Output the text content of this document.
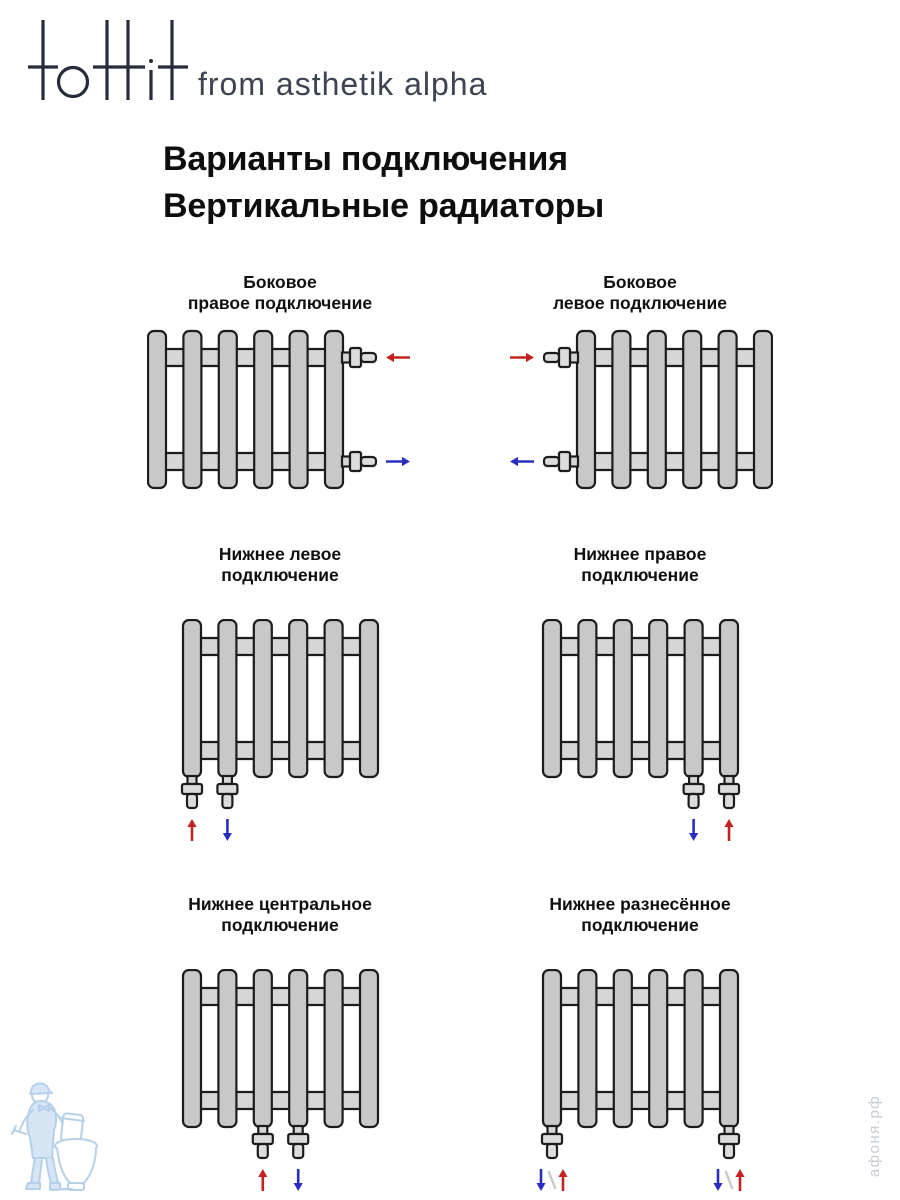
from asthetik alpha
Варианты подключения
Вертикальные радиаторы
Боковое
правое подключение
Боковое
левое подключение
Нижнее левое
подключение
Нижнее правое
подключение
Нижнее центральное
подключение
Нижнее разнесённое
подключение
афоня.рф
